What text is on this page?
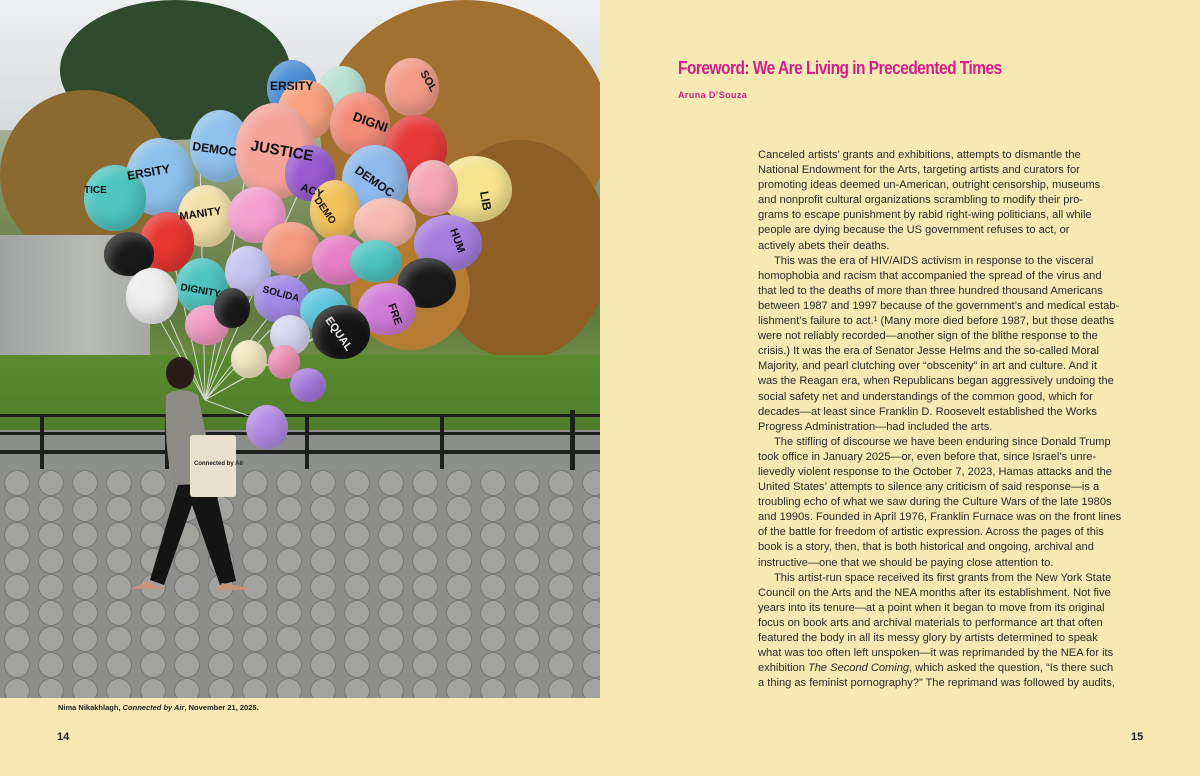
ERSITY	SOL
DIGNI
JUSTICE
DEMOC
ERSITY
TICE
MANITY
DEMOC
LIB
ACY
DEMO
HUM
DIGNITY	SOLIDA
FRE
EQUAL
Connected by Air
Nima Nikakhlagh, Connected by Air, November 21, 2025.
14
Foreword: We Are Living in Precedented Times
Aruna D’Souza
Canceled artists’ grants and exhibitions, attempts to dismantle the
National Endowment for the Arts, targeting artists and curators for
promoting ideas deemed un-American, outright censorship, museums
and nonprofit cultural organizations scrambling to modify their pro-
grams to escape punishment by rabid right-wing politicians, all while
people are dying because the US government refuses to act, or
actively abets their deaths.
This was the era of HIV/AIDS activism in response to the visceral
homophobia and racism that accompanied the spread of the virus and
that led to the deaths of more than three hundred thousand Americans
between 1987 and 1997 because of the government’s and medical estab-
lishment’s failure to act.¹ (Many more died before 1987, but those deaths
were not reliably recorded—another sign of the blithe response to the
crisis.) It was the era of Senator Jesse Helms and the so-called Moral
Majority, and pearl clutching over “obscenity” in art and culture. And it
was the Reagan era, when Republicans began aggressively undoing the
social safety net and understandings of the common good, which for
decades—at least since Franklin D. Roosevelt established the Works
Progress Administration—had included the arts.
The stifling of discourse we have been enduring since Donald Trump
took office in January 2025—or, even before that, since Israel’s unre-
lievedly violent response to the October 7, 2023, Hamas attacks and the
United States’ attempts to silence any criticism of said response—is a
troubling echo of what we saw during the Culture Wars of the late 1980s
and 1990s. Founded in April 1976, Franklin Furnace was on the front lines
of the battle for freedom of artistic expression. Across the pages of this
book is a story, then, that is both historical and ongoing, archival and
instructive—one that we should be paying close attention to.
This artist-run space received its first grants from the New York State
Council on the Arts and the NEA months after its establishment. Not five
years into its tenure—at a point when it began to move from its original
focus on book arts and archival materials to performance art that often
featured the body in all its messy glory by artists determined to speak
what was too often left unspoken—it was reprimanded by the NEA for its
exhibition The Second Coming, which asked the question, “Is there such
a thing as feminist pornography?” The reprimand was followed by audits,
15
